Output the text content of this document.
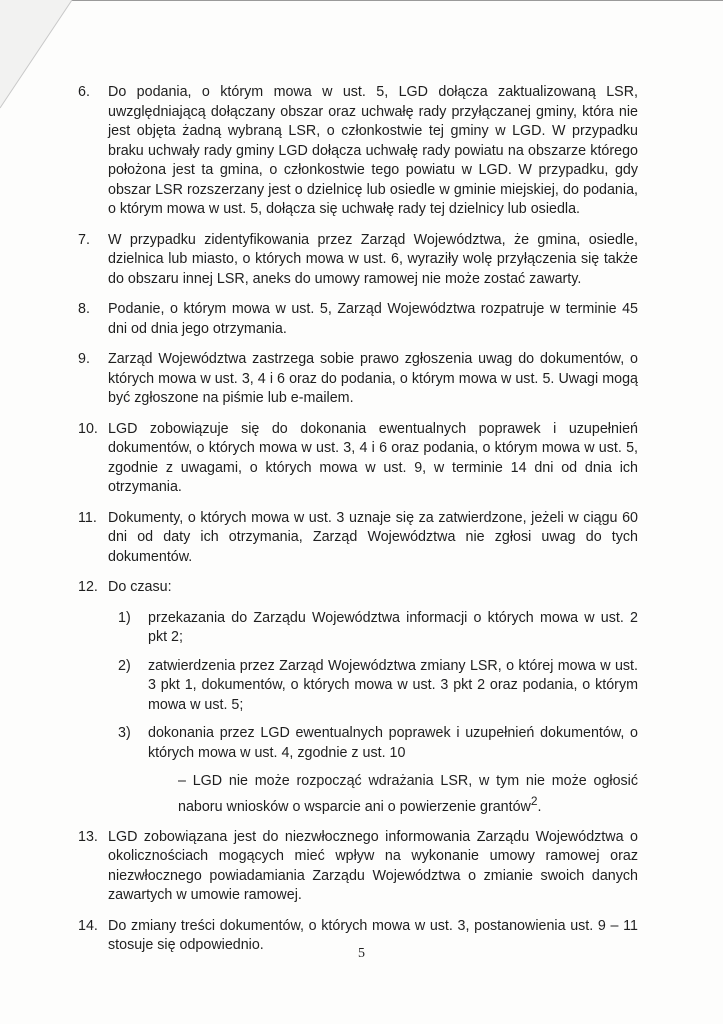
6.	Do podania, o którym mowa w ust. 5, LGD dołącza zaktualizowaną LSR, uwzględniającą dołączany obszar oraz uchwałę rady przyłączanej gminy, która nie jest objęta żadną wybraną LSR, o członkostwie tej gminy w LGD. W przypadku braku uchwały rady gminy LGD dołącza uchwałę rady powiatu na obszarze którego położona jest ta gmina, o członkostwie tego powiatu w LGD. W przypadku, gdy obszar LSR rozszerzany jest o dzielnicę lub osiedle w gminie miejskiej, do podania, o którym mowa w ust. 5, dołącza się uchwałę rady tej dzielnicy lub osiedla.
7.	W przypadku zidentyfikowania przez Zarząd Województwa, że gmina, osiedle, dzielnica lub miasto, o których mowa w ust. 6, wyraziły wolę przyłączenia się także do obszaru innej LSR, aneks do umowy ramowej nie może zostać zawarty.
8.	Podanie, o którym mowa w ust. 5, Zarząd Województwa rozpatruje w terminie 45 dni od dnia jego otrzymania.
9.	Zarząd Województwa zastrzega sobie prawo zgłoszenia uwag do dokumentów, o których mowa w ust. 3, 4 i 6 oraz do podania, o którym mowa w ust. 5. Uwagi mogą być zgłoszone na piśmie lub e-mailem.
10. LGD zobowiązuje się do dokonania ewentualnych poprawek i uzupełnień dokumentów, o których mowa w ust. 3, 4 i 6 oraz podania, o którym mowa w ust. 5, zgodnie z uwagami, o których mowa w ust. 9, w terminie 14 dni od dnia ich otrzymania.
11. Dokumenty, o których mowa w ust. 3 uznaje się za zatwierdzone, jeżeli w ciągu 60 dni od daty ich otrzymania, Zarząd Województwa nie zgłosi uwag do tych dokumentów.
12. Do czasu:
1)	przekazania do Zarządu Województwa informacji o których mowa w ust. 2 pkt 2;
2)	zatwierdzenia przez Zarząd Województwa zmiany LSR, o której mowa w ust. 3 pkt 1, dokumentów, o których mowa w ust. 3 pkt 2 oraz podania, o którym mowa w ust. 5;
3)	dokonania przez LGD ewentualnych poprawek i uzupełnień dokumentów, o których mowa w ust. 4, zgodnie z ust. 10
– LGD nie może rozpocząć wdrażania LSR, w tym nie może ogłosić naboru wniosków o wsparcie ani o powierzenie grantów$^2$.
13. LGD zobowiązana jest do niezwłocznego informowania Zarządu Województwa o okolicznościach mogących mieć wpływ na wykonanie umowy ramowej oraz niezwłocznego powiadamiania Zarządu Województwa o zmianie swoich danych zawartych w umowie ramowej.
14. Do zmiany treści dokumentów, o których mowa w ust. 3, postanowienia ust. 9 – 11 stosuje się odpowiednio.
5
